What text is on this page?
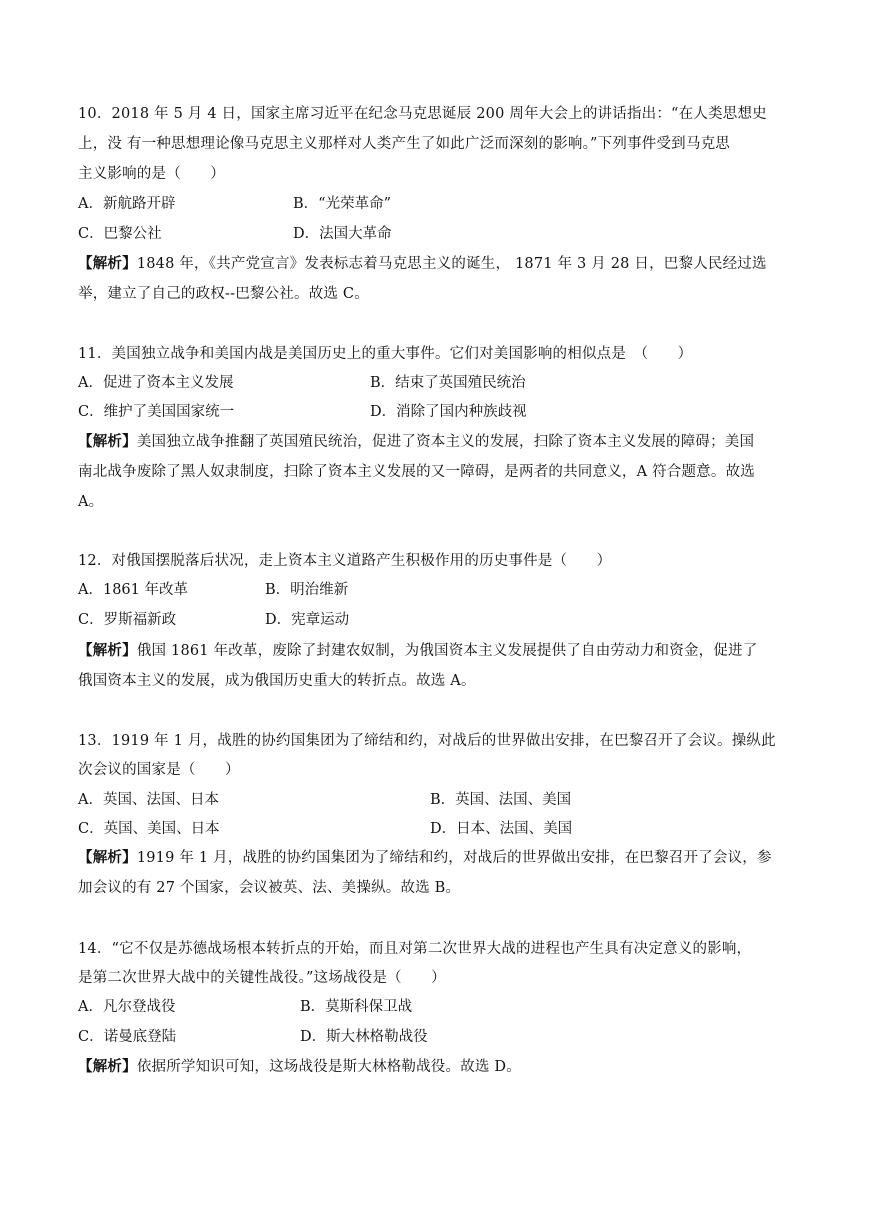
10．2018 年 5 月 4 日，国家主席习近平在纪念马克思诞辰 200 周年大会上的讲话指出：“在人类思想史
上，没 有一种思想理论像马克思主义那样对人类产生了如此广泛而深刻的影响。”下列事件受到马克思
主义影响的是（　　）
A．新航路开辟	B．“光荣革命”
C．巴黎公社	D．法国大革命
【解析】1848 年，《共产党宣言》发表标志着马克思主义的诞生， 1871 年 3 月 28 日，巴黎人民经过选
举，建立了自己的政权--巴黎公社。故选 C。
11．美国独立战争和美国内战是美国历史上的重大事件。它们对美国影响的相似点是　（　　）
A．促进了资本主义发展	B．结束了英国殖民统治
C．维护了美国国家统一	D．消除了国内种族歧视
【解析】美国独立战争推翻了英国殖民统治，促进了资本主义的发展，扫除了资本主义发展的障碍；美国
南北战争废除了黑人奴隶制度，扫除了资本主义发展的又一障碍，是两者的共同意义，A 符合题意。故选
A。
12．对俄国摆脱落后状况，走上资本主义道路产生积极作用的历史事件是（　　）
A．1861 年改革	B．明治维新
C．罗斯福新政	D．宪章运动
【解析】俄国 1861 年改革，废除了封建农奴制，为俄国资本主义发展提供了自由劳动力和资金，促进了
俄国资本主义的发展，成为俄国历史重大的转折点。故选 A。
13．1919 年 1 月，战胜的协约国集团为了缔结和约，对战后的世界做出安排，在巴黎召开了会议。操纵此
次会议的国家是（　　）
A．英国、法国、日本	B．英国、法国、美国
C．英国、美国、日本	D．日本、法国、美国
【解析】1919 年 1 月，战胜的协约国集团为了缔结和约，对战后的世界做出安排，在巴黎召开了会议，参
加会议的有 27 个国家，会议被英、法、美操纵。故选 B。
14．“它不仅是苏德战场根本转折点的开始，而且对第二次世界大战的进程也产生具有决定意义的影响，
是第二次世界大战中的关键性战役。”这场战役是（　　）
A．凡尔登战役	B．莫斯科保卫战
C．诺曼底登陆	D．斯大林格勒战役
【解析】依据所学知识可知，这场战役是斯大林格勒战役。故选 D。
